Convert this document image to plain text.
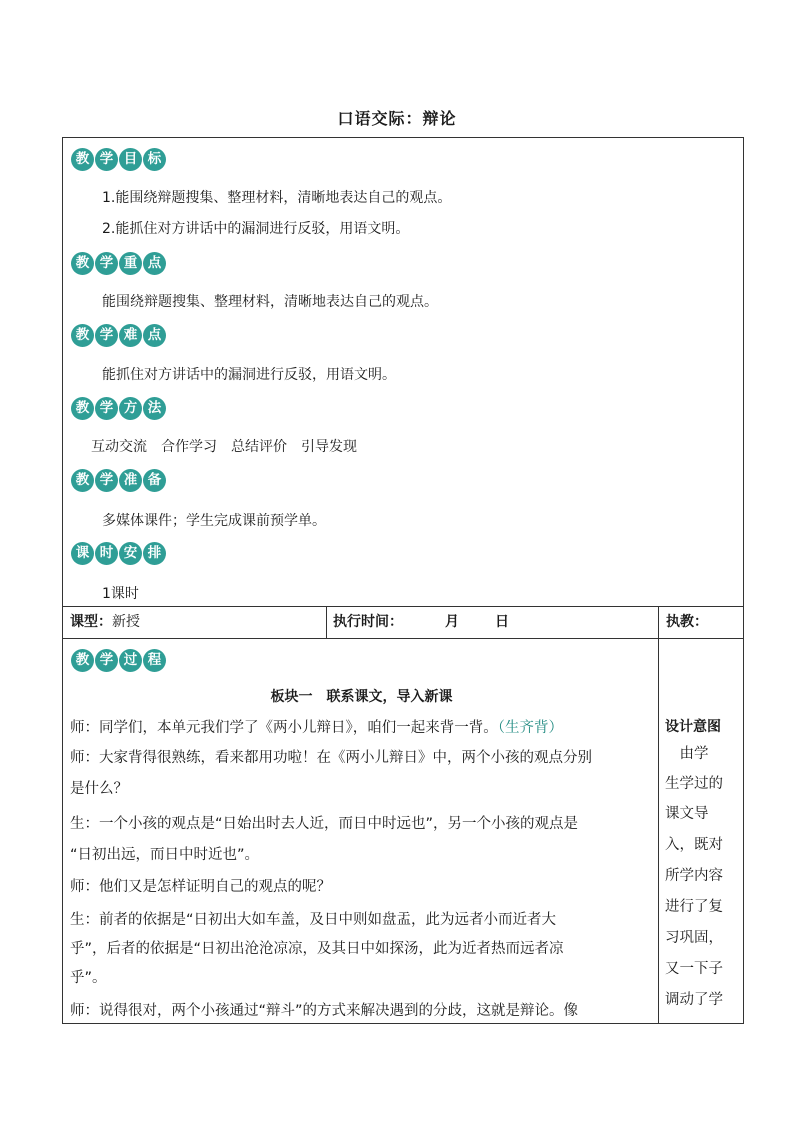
口语交际：辩论
教 学 目 标
1.能围绕辩题搜集、整理材料，清晰地表达自己的观点。
2.能抓住对方讲话中的漏洞进行反驳，用语文明。
教 学 重 点
能围绕辩题搜集、整理材料，清晰地表达自己的观点。
教 学 难 点
能抓住对方讲话中的漏洞进行反驳，用语文明。
教 学 方 法
互动交流　合作学习　总结评价　引导发现
教 学 准 备
多媒体课件；学生完成课前预学单。
课 时 安 排
1课时
课型：新授	执行时间：	月	日	执教：
教 学 过 程
板块一　联系课文，导入新课
师：同学们，本单元我们学了《两小儿辩日》，咱们一起来背一背。（生齐背）
师：大家背得很熟练，看来都用功啦！在《两小儿辩日》中，两个小孩的观点分别
是什么？
生：一个小孩的观点是“日始出时去人近，而日中时远也”，另一个小孩的观点是
“日初出远，而日中时近也”。
师：他们又是怎样证明自己的观点的呢？
生：前者的依据是“日初出大如车盖，及日中则如盘盂，此为远者小而近者大
乎”，后者的依据是“日初出沧沧凉凉，及其日中如探汤，此为近者热而远者凉
乎”。
师：说得很对，两个小孩通过“辩斗”的方式来解决遇到的分歧，这就是辩论。像
设计意图
　由学
生学过的
课文导
入，既对
所学内容
进行了复
习巩固，
又一下子
调动了学
